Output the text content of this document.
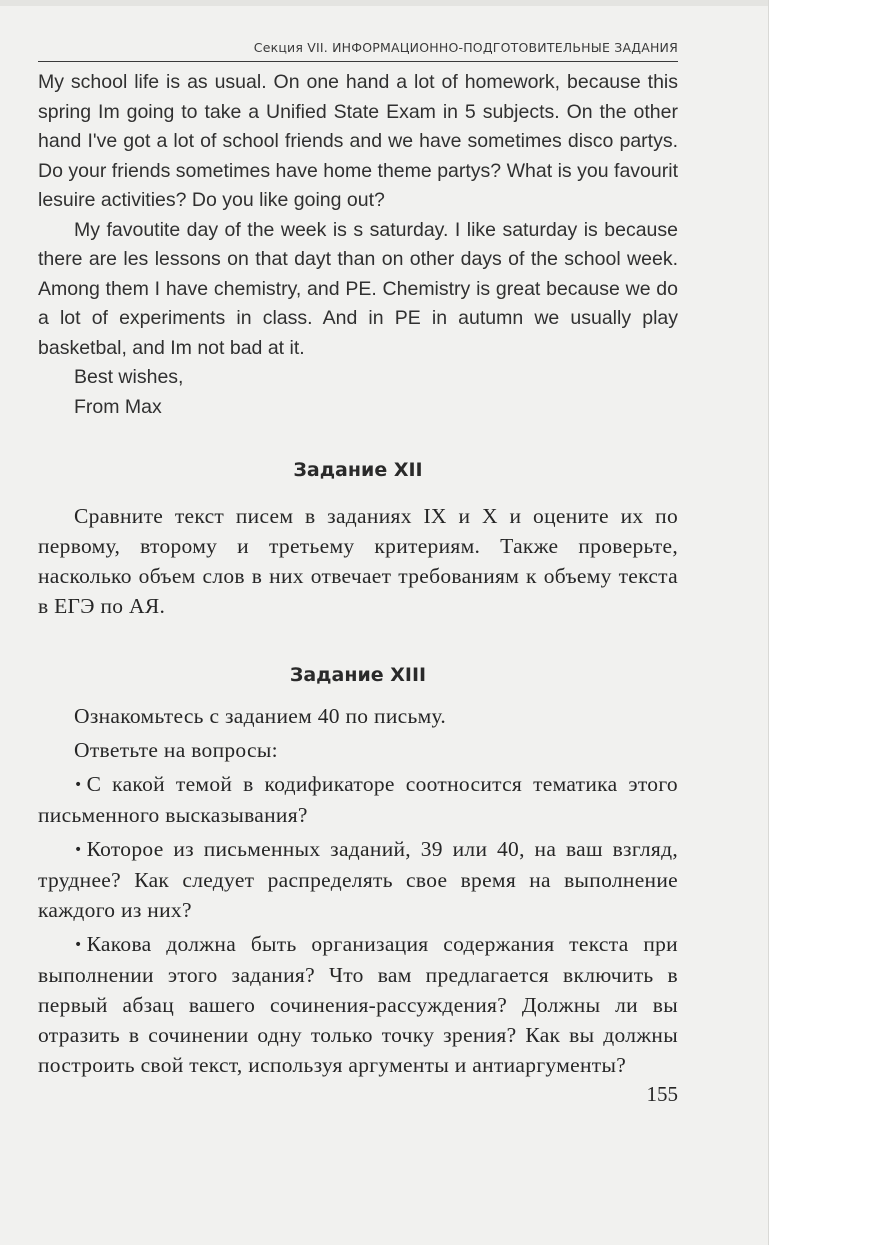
Секция VII. ИНФОРМАЦИОННО-ПОДГОТОВИТЕЛЬНЫЕ ЗАДАНИЯ

My school life is as usual. On one hand a lot of homework, because this spring Im going to take a Unified State Exam in 5 subjects. On the other hand I've got a lot of school friends and we have sometimes disco partys. Do your friends sometimes have home theme partys? What is you favourit lesuire activities? Do you like going out?

My favoutite day of the week is s saturday. I like saturday is because there are les lessons on that dayt than on other days of the school week. Among them I have chemistry, and PE. Chemistry is great because we do a lot of experiments in class. And in PE in autumn we usually play basketbal, and Im not bad at it.

Best wishes,

From Max

Задание XII

Сравните текст писем в заданиях IX и X и оцените их по первому, второму и третьему критериям. Также проверьте, насколько объем слов в них отвечает требованиям к объему текста в ЕГЭ по АЯ.

Задание XIII

Ознакомьтесь с заданием 40 по письму.

Ответьте на вопросы:

• С какой темой в кодификаторе соотносится тематика этого письменного высказывания?

• Которое из письменных заданий, 39 или 40, на ваш взгляд, труднее? Как следует распределять свое время на выполнение каждого из них?

• Какова должна быть организация содержания текста при выполнении этого задания? Что вам предлагается включить в первый абзац вашего сочинения-рассуждения? Должны ли вы отразить в сочинении одну только точку зрения? Как вы должны построить свой текст, используя аргументы и антиаргументы?

155
